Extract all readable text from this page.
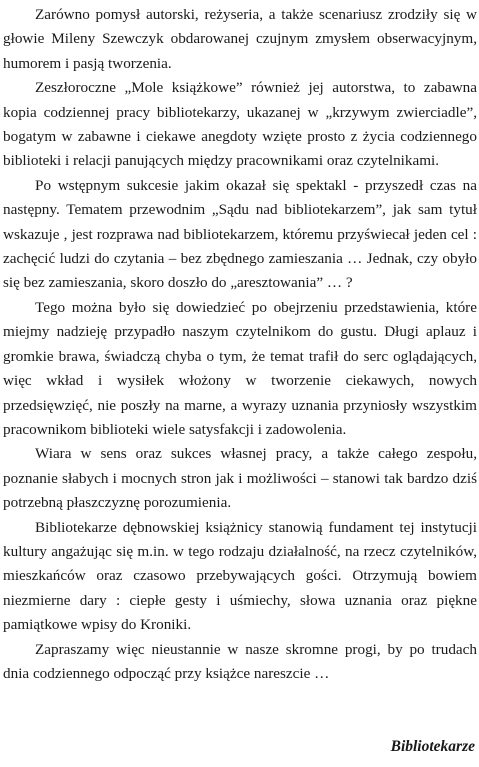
Zarówno pomysł autorski, reżyseria, a także scenariusz zrodziły się w głowie Mileny Szewczyk obdarowanej czujnym zmysłem obserwacyjnym, humorem i pasją tworzenia.

Zeszłoroczne „Mole książkowe” również jej autorstwa, to zabawna kopia codziennej pracy bibliotekarzy, ukazanej w „krzywym zwierciadle”, bogatym w zabawne i ciekawe anegdoty wzięte prosto z życia codziennego biblioteki i relacji panujących między pracownikami oraz czytelnikami.

Po wstępnym sukcesie jakim okazał się spektakl - przyszedł czas na następny. Tematem przewodnim „Sądu nad bibliotekarzem”, jak sam tytuł wskazuje , jest rozprawa nad bibliotekarzem, któremu przyświecał jeden cel : zachęcić ludzi do czytania – bez zbędnego zamieszania … Jednak, czy obyło się bez zamieszania, skoro doszło do „aresztowania” … ?

Tego można było się dowiedzieć po obejrzeniu przedstawienia, które miejmy nadzieję przypadło naszym czytelnikom do gustu. Długi aplauz i gromkie brawa, świadczą chyba o tym, że temat trafił do serc oglądających, więc wkład i wysiłek włożony w tworzenie ciekawych, nowych przedsięwzięć, nie poszły na marne, a wyrazy uznania przyniosły wszystkim pracownikom biblioteki wiele satysfakcji i zadowolenia.

Wiara w sens oraz sukces własnej pracy, a także całego zespołu, poznanie słabych i mocnych stron jak i możliwości – stanowi tak bardzo dziś potrzebną płaszczyznę porozumienia.

Bibliotekarze dębnowskiej książnicy stanowią fundament tej instytucji kultury angażując się m.in. w tego rodzaju działalność, na rzecz czytelników, mieszkańców oraz czasowo przebywających gości. Otrzymują bowiem niezmierne dary : ciepłe gesty i uśmiechy, słowa uznania oraz piękne pamiątkowe wpisy do Kroniki.

Zapraszamy więc nieustannie w nasze skromne progi, by po trudach dnia codziennego odpocząć przy książce nareszcie …

Bibliotekarze
